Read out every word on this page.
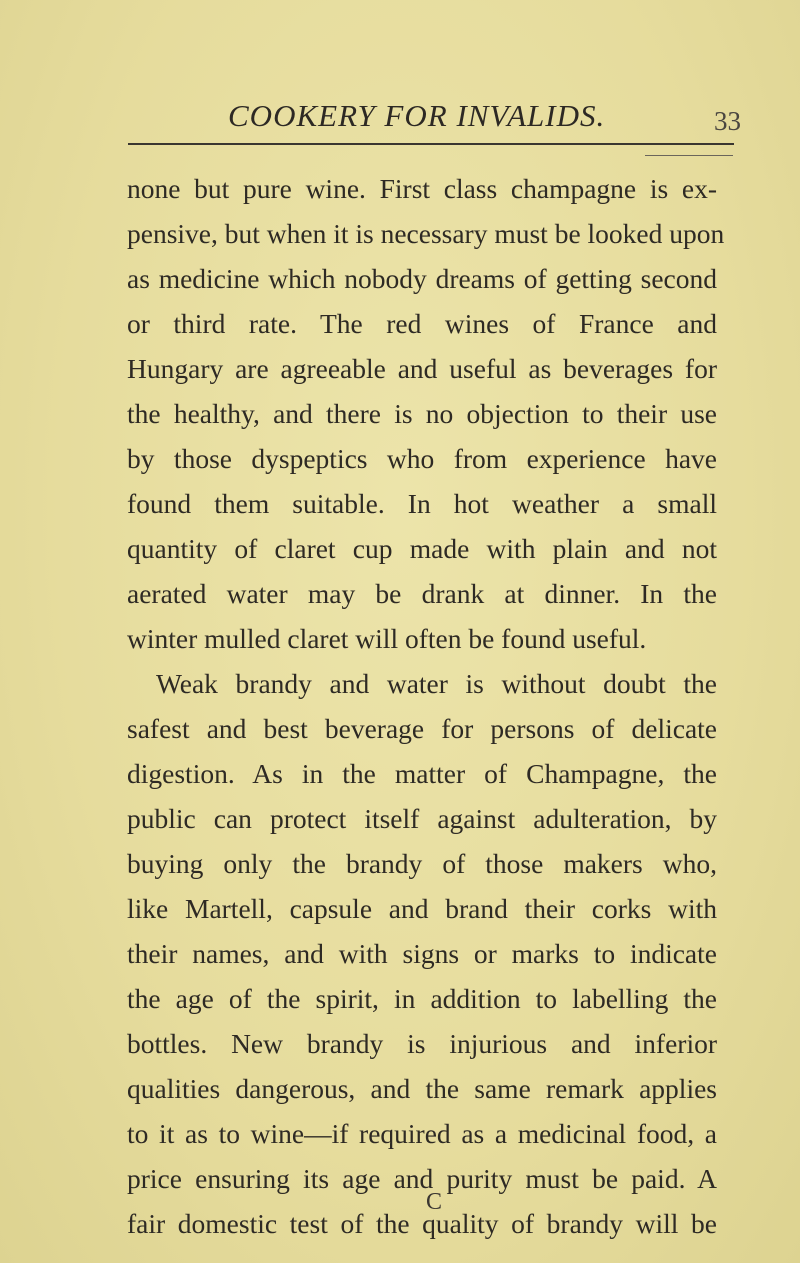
COOKERY FOR INVALIDS.	33
none but pure wine. First class champagne is ex-
pensive, but when it is necessary must be looked upon
as medicine which nobody dreams of getting second
or third rate. The red wines of France and
Hungary are agreeable and useful as beverages for
the healthy, and there is no objection to their use
by those dyspeptics who from experience have
found them suitable. In hot weather a small
quantity of claret cup made with plain and not
aerated water may be drank at dinner. In the
winter mulled claret will often be found useful.
Weak brandy and water is without doubt the
safest and best beverage for persons of delicate
digestion. As in the matter of Champagne, the
public can protect itself against adulteration, by
buying only the brandy of those makers who,
like Martell, capsule and brand their corks with
their names, and with signs or marks to indicate
the age of the spirit, in addition to labelling the
bottles. New brandy is injurious and inferior
qualities dangerous, and the same remark applies
to it as to wine—if required as a medicinal food, a
price ensuring its age and purity must be paid. A
fair domestic test of the quality of brandy will be
C
